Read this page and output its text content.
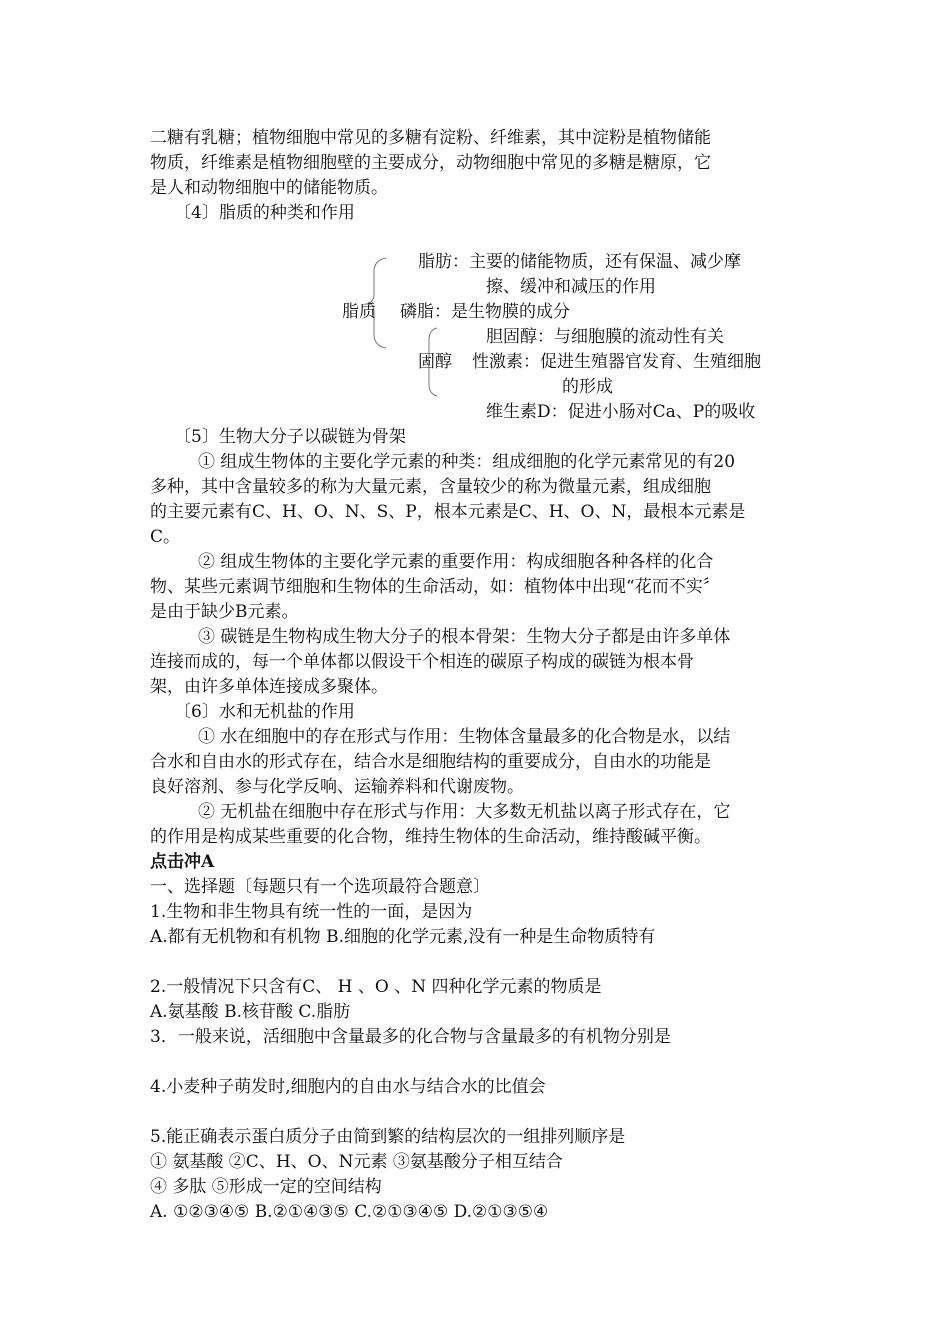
二糖有乳糖；植物细胞中常见的多糖有淀粉、纤维素，其中淀粉是植物储能
物质，纤维素是植物细胞壁的主要成分，动物细胞中常见的多糖是糖原，它
是人和动物细胞中的储能物质。
〔4〕脂质的种类和作用
脂肪：主要的储能物质，还有保温、减少摩
擦、缓冲和减压的作用
脂质 磷脂：是生物膜的成分
胆固醇：与细胞膜的流动性有关
固醇 性激素：促进生殖器官发育、生殖细胞
的形成
维生素D：促进小肠对Ca、P的吸收
〔5〕生物大分子以碳链为骨架
① 组成生物体的主要化学元素的种类：组成细胞的化学元素常见的有20
多种，其中含量较多的称为大量元素，含量较少的称为微量元素，组成细胞
的主要元素有C、H、O、N、S、P，根本元素是C、H、O、N，最根本元素是
C。
② 组成生物体的主要化学元素的重要作用：构成细胞各种各样的化合
物、某些元素调节细胞和生物体的生命活动，如：植物体中出现“花而不实〞
是由于缺少B元素。
③ 碳链是生物构成生物大分子的根本骨架：生物大分子都是由许多单体
连接而成的，每一个单体都以假设干个相连的碳原子构成的碳链为根本骨
架，由许多单体连接成多聚体。
〔6〕水和无机盐的作用
① 水在细胞中的存在形式与作用：生物体含量最多的化合物是水，以结
合水和自由水的形式存在，结合水是细胞结构的重要成分，自由水的功能是
良好溶剂、参与化学反响、运输养料和代谢废物。
② 无机盐在细胞中存在形式与作用：大多数无机盐以离子形式存在，它
的作用是构成某些重要的化合物，维持生物体的生命活动，维持酸碱平衡。
点击冲A
一、选择题〔每题只有一个选项最符合题意〕
1.生物和非生物具有统一性的一面，是因为
A.都有无机物和有机物 B.细胞的化学元素,没有一种是生命物质特有
2.一般情况下只含有C、 H 、O 、N 四种化学元素的物质是
A.氨基酸 B.核苷酸 C.脂肪
3．一般来说，活细胞中含量最多的化合物与含量最多的有机物分别是
4.小麦种子萌发时,细胞内的自由水与结合水的比值会
5.能正确表示蛋白质分子由简到繁的结构层次的一组排列顺序是
① 氨基酸 ②C、H、O、N元素 ③氨基酸分子相互结合
④ 多肽 ⑤形成一定的空间结构
A. ①②③④⑤ B.②①④③⑤ C.②①③④⑤ D.②①③⑤④
